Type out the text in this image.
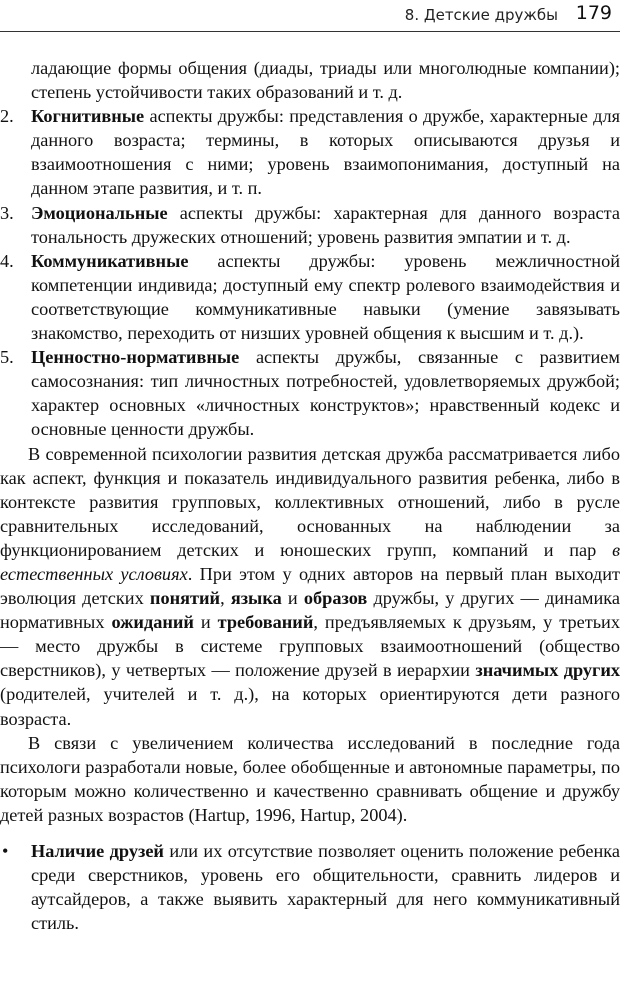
8. Детские дружбы 179

ладающие формы общения (диады, триады или многолюдные компании); степень устойчивости таких образований и т. д.

2. Когнитивные аспекты дружбы: представления о дружбе, характерные для данного возраста; термины, в которых описываются друзья и взаимоотношения с ними; уровень взаимопонимания, доступный на данном этапе развития, и т. п.

3. Эмоциональные аспекты дружбы: характерная для данного возраста тональность дружеских отношений; уровень развития эмпатии и т. д.

4. Коммуникативные аспекты дружбы: уровень межличностной компетенции индивида; доступный ему спектр ролевого взаимодействия и соответствующие коммуникативные навыки (умение завязывать знакомство, переходить от низших уровней общения к высшим и т. д.).

5. Ценностно-нормативные аспекты дружбы, связанные с развитием самосознания: тип личностных потребностей, удовлетворяемых дружбой; характер основных «личностных конструктов»; нравственный кодекс и основные ценности дружбы.

В современной психологии развития детская дружба рассматривается либо как аспект, функция и показатель индивидуального развития ребенка, либо в контексте развития групповых, коллективных отношений, либо в русле сравнительных исследований, основанных на наблюдении за функционированием детских и юношеских групп, компаний и пар в естественных условиях. При этом у одних авторов на первый план выходит эволюция детских понятий, языка и образов дружбы, у других — динамика нормативных ожиданий и требований, предъявляемых к друзьям, у третьих — место дружбы в системе групповых взаимоотношений (общество сверстников), у четвертых — положение друзей в иерархии значимых других (родителей, учителей и т. д.), на которых ориентируются дети разного возраста.

В связи с увеличением количества исследований в последние года психологи разработали новые, более обобщенные и автономные параметры, по которым можно количественно и качественно сравнивать общение и дружбу детей разных возрастов (Hartup, 1996, Hartup, 2004).

• Наличие друзей или их отсутствие позволяет оценить положение ребенка среди сверстников, уровень его общительности, сравнить лидеров и аутсайдеров, а также выявить характерный для него коммуникативный стиль.
